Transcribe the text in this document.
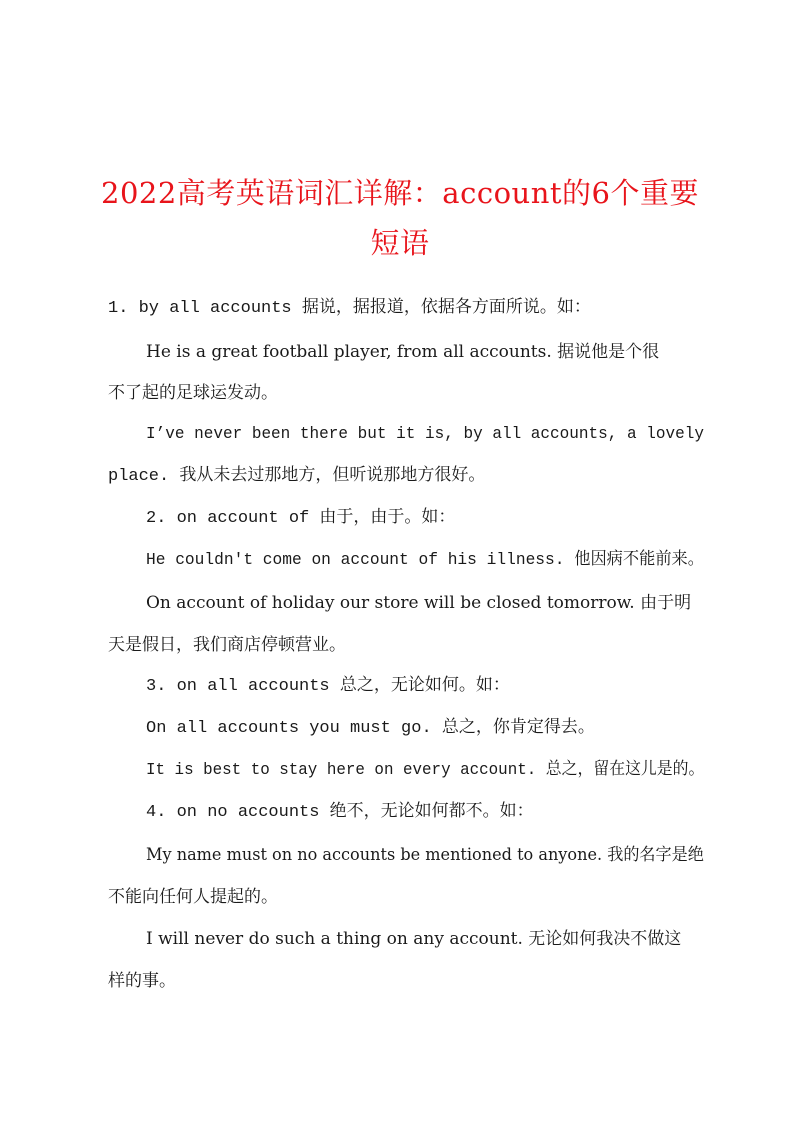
2022高考英语词汇详解：account的6个重要
短语
1. by all accounts 据说，据报道，依据各方面所说。如：
He is a great football player, from all accounts. 据说他是个很
不了起的足球运发动。
I’ve never been there but it is, by all accounts, a lovely
place. 我从未去过那地方，但听说那地方很好。
2. on account of 由于，由于。如：
He couldn't come on account of his illness. 他因病不能前来。
On account of holiday our store will be closed tomorrow. 由于明
天是假日，我们商店停顿营业。
3. on all accounts 总之，无论如何。如：
On all accounts you must go. 总之，你肯定得去。
It is best to stay here on every account. 总之，留在这儿是的。
4. on no accounts 绝不，无论如何都不。如：
My name must on no accounts be mentioned to anyone. 我的名字是绝
不能向任何人提起的。
I will never do such a thing on any account. 无论如何我决不做这
样的事。
